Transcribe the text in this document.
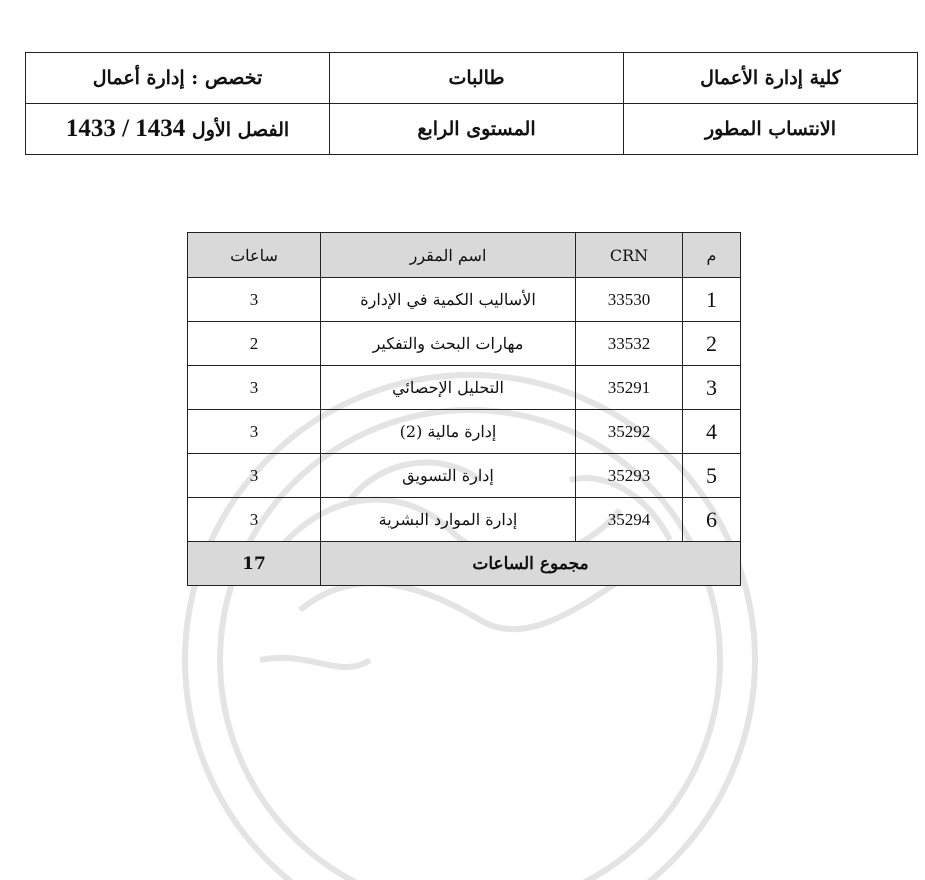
كلية إدارة الأعمال	طالبات	تخصص : إدارة أعمال
الانتساب المطور	المستوى الرابع	الفصل الأول 1433 / 1434
م	CRN	اسم المقرر	ساعات
1	33530	الأساليب الكمية في الإدارة	3
2	33532	مهارات البحث والتفكير	2
3	35291	التحليل الإحصائي	3
4	35292	إدارة مالية (2)	3
5	35293	إدارة التسويق	3
6	35294	إدارة الموارد البشرية	3
مجموع الساعات			17
